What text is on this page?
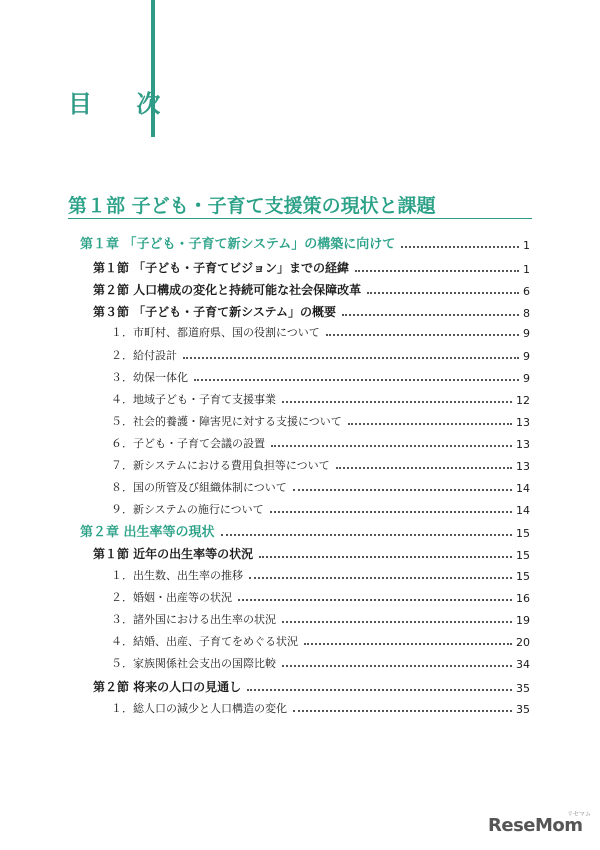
目 次
第１部 子ども・子育て支援策の現状と課題
第１章 「子ども・子育て新システム」の構築に向けて	1
第１節 「子ども・子育てビジョン」までの経緯	1
第２節 人口構成の変化と持続可能な社会保障改革	6
第３節 「子ども・子育て新システム」の概要	8
１．市町村、都道府県、国の役割について	9
２．給付設計	9
３．幼保一体化	9
４．地域子ども・子育て支援事業	12
５．社会的養護・障害児に対する支援について	13
６．子ども・子育て会議の設置	13
７．新システムにおける費用負担等について	13
８．国の所管及び組織体制について	14
９．新システムの施行について	14
第２章 出生率等の現状	15
第１節 近年の出生率等の状況	15
１．出生数、出生率の推移	15
２．婚姻・出産等の状況	16
３．諸外国における出生率の状況	19
４．結婚、出産、子育てをめぐる状況	20
５．家族関係社会支出の国際比較	34
第２節 将来の人口の見通し	35
１．総人口の減少と人口構造の変化	35
リセマム
ReseMom
